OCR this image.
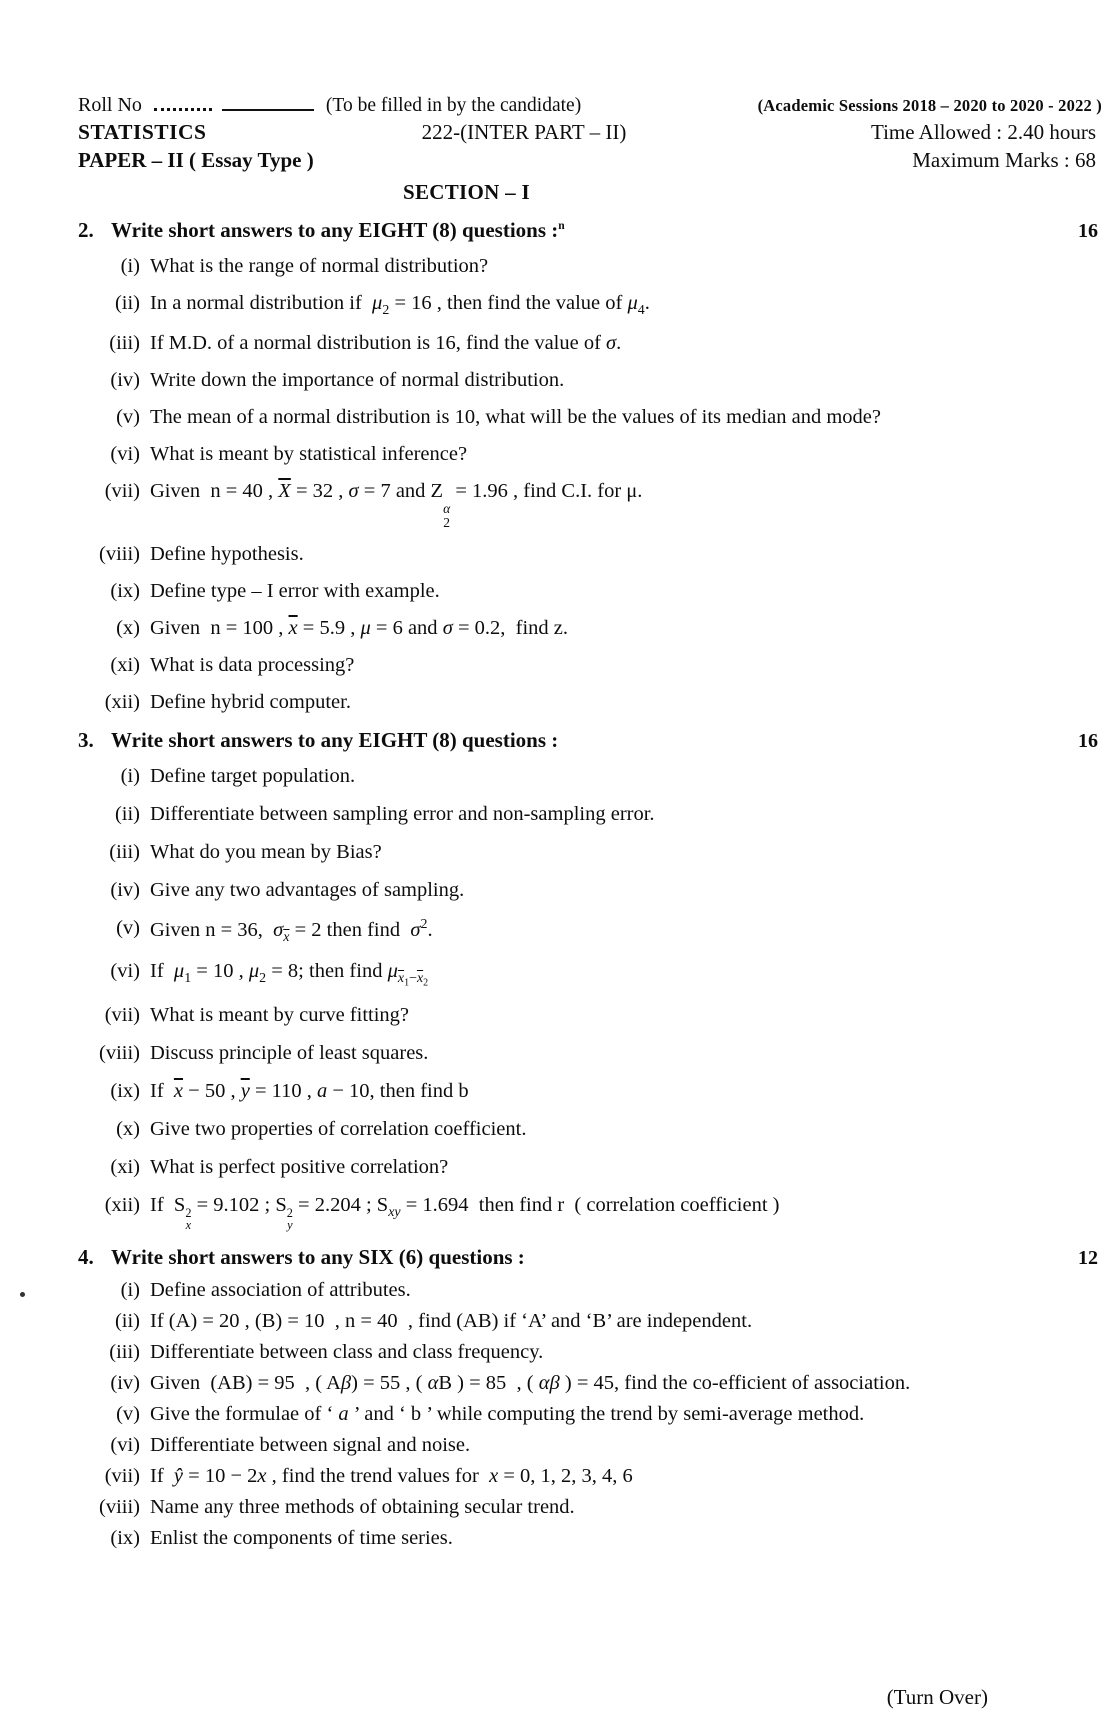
Roll No	(To be filled in by the candidate)	(Academic Sessions 2018 – 2020 to 2020 - 2022 )
STATISTICS	222-(INTER PART – II)	Time Allowed : 2.40 hours
PAPER – II ( Essay Type )	Maximum Marks : 68
SECTION – I
2. Write short answers to any EIGHT (8) questions :$^n$	16
(i) What is the range of normal distribution?
(ii) In a normal distribution if  $\mu_2 = 16$ , then find the value of $\mu_4$.
(iii) If M.D. of a normal distribution is 16, find the value of σ.
(iv) Write down the importance of normal distribution.
(v) The mean of a normal distribution is 10, what will be the values of its median and mode?
(vi) What is meant by statistical inference?
(vii) Given  n = 40 , $\overline{X} = 32$ , σ = 7 and Z
α
2
= 1.96 , find C.I. for μ.
(viii) Define hypothesis.
(ix) Define type – I error with example.
(x) Given  n = 100 , $\overline{x} = 5.9$ , μ = 6 and σ = 0.2,  find z.
(xi) What is data processing?
(xii) Define hybrid computer.
3. Write short answers to any EIGHT (8) questions :	16
(i) Define target population.
(ii) Differentiate between sampling error and non-sampling error.
(iii) What do you mean by Bias?
(iv) Give any two advantages of sampling.
(v) Given n = 36,  $\sigma_{\overline{x}} = 2$ then find  $\sigma^2$.
(vi) If  $\mu_1 = 10$ , $\mu_2 = 8$; then find $\mu_{\overline{x}_1-\overline{x}_2}$
(vii) What is meant by curve fitting?
(viii) Discuss principle of least squares.
(ix) If  $\overline{x} - 50$ , $\overline{y} = 110$ , a − 10, then find b
(x) Give two properties of correlation coefficient.
(xi) What is perfect positive correlation?
(xii) If  S 2
x
= 9.102 ; S 2
y
= 2.204 ; $S_{xy} = 1.694$  then find r  ( correlation coefficient )
4. Write short answers to any SIX (6) questions :	12
(i) Define association of attributes.
(ii) If (A) = 20 , (B) = 10  , n = 40  , find (AB) if ‘A’ and ‘B’ are independent.
(iii) Differentiate between class and class frequency.
(iv) Given  (AB) = 95  , ( Aβ) = 55 , ( αB ) = 85  , ( αβ ) = 45, find the co-efficient of association.
(v) Give the formulae of ‘ a ’ and ‘ b ’ while computing the trend by semi-average method.
(vi) Differentiate between signal and noise.
(vii) If  ŷ = 10 − 2x , find the trend values for  x = 0, 1, 2, 3, 4, 6
(viii) Name any three methods of obtaining secular trend.
(ix) Enlist the components of time series.
(Turn Over)
